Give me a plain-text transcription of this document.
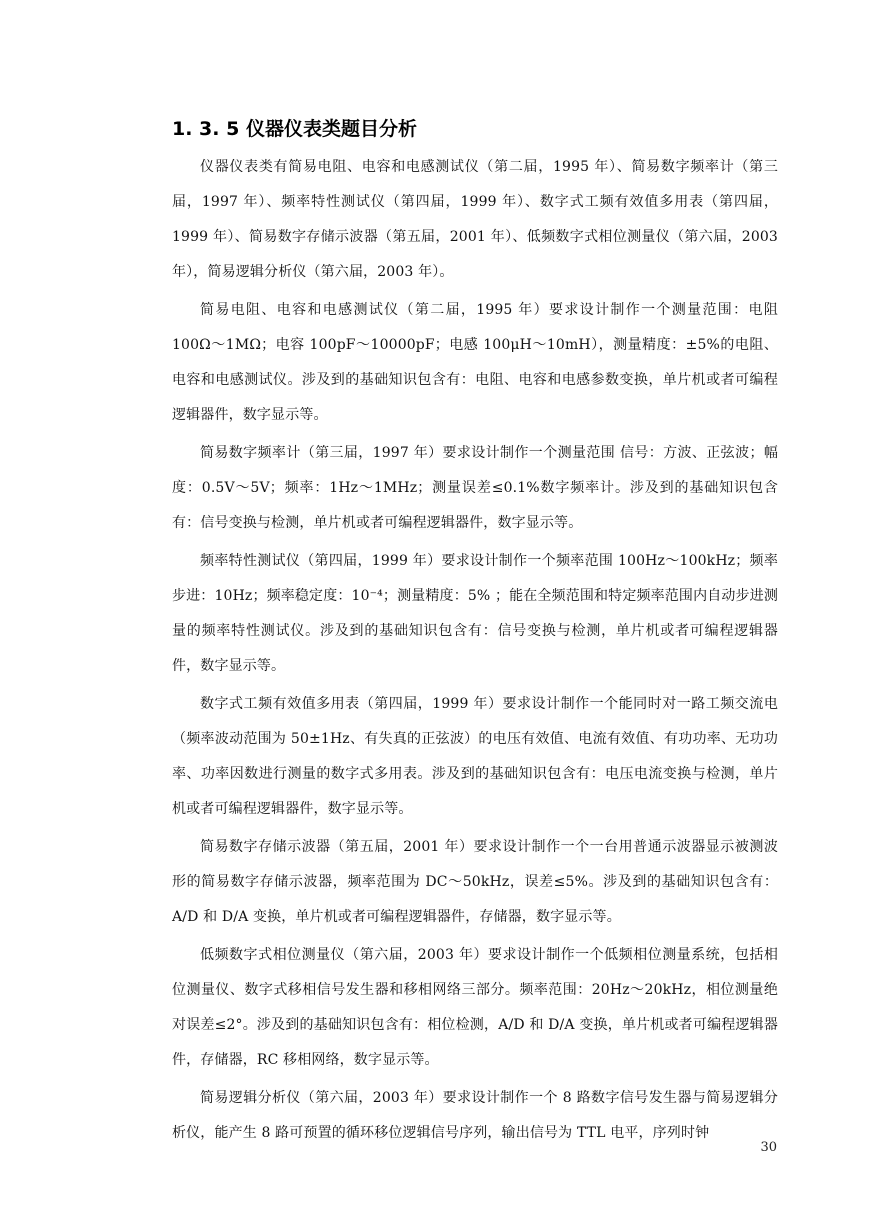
1. 3. 5 仪器仪表类题目分析

仪器仪表类有简易电阻、电容和电感测试仪（第二届，1995 年）、简易数字频率计（第三届，1997 年）、频率特性测试仪（第四届，1999 年）、数字式工频有效值多用表（第四届，1999 年）、简易数字存储示波器（第五届，2001 年）、低频数字式相位测量仪（第六届，2003 年），简易逻辑分析仪（第六届，2003 年）。

简易电阻、电容和电感测试仪（第二届，1995 年）要求设计制作一个测量范围：电阻 100Ω～1MΩ；电容 100pF～10000pF；电感 100μH～10mH），测量精度：±5%的电阻、电容和电感测试仪。涉及到的基础知识包含有：电阻、电容和电感参数变换，单片机或者可编程逻辑器件，数字显示等。

简易数字频率计（第三届，1997 年）要求设计制作一个测量范围 信号：方波、正弦波；幅度：0.5V～5V；频率：1Hz～1MHz；测量误差≤0.1%数字频率计。涉及到的基础知识包含有：信号变换与检测，单片机或者可编程逻辑器件，数字显示等。

频率特性测试仪（第四届，1999 年）要求设计制作一个频率范围 100Hz～100kHz；频率步进：10Hz；频率稳定度：10⁻⁴；测量精度：5% ；能在全频范围和特定频率范围内自动步进测量的频率特性测试仪。涉及到的基础知识包含有：信号变换与检测，单片机或者可编程逻辑器件，数字显示等。

数字式工频有效值多用表（第四届，1999 年）要求设计制作一个能同时对一路工频交流电（频率波动范围为 50±1Hz、有失真的正弦波）的电压有效值、电流有效值、有功功率、无功功率、功率因数进行测量的数字式多用表。涉及到的基础知识包含有：电压电流变换与检测，单片机或者可编程逻辑器件，数字显示等。

简易数字存储示波器（第五届，2001 年）要求设计制作一个一台用普通示波器显示被测波形的简易数字存储示波器，频率范围为 DC～50kHz，误差≤5%。涉及到的基础知识包含有：A/D 和 D/A 变换，单片机或者可编程逻辑器件，存储器，数字显示等。

低频数字式相位测量仪（第六届，2003 年）要求设计制作一个低频相位测量系统，包括相位测量仪、数字式移相信号发生器和移相网络三部分。频率范围：20Hz～20kHz，相位测量绝对误差≤2°。涉及到的基础知识包含有：相位检测，A/D 和 D/A 变换，单片机或者可编程逻辑器件，存储器，RC 移相网络，数字显示等。

简易逻辑分析仪（第六届，2003 年）要求设计制作一个 8 路数字信号发生器与简易逻辑分析仪，能产生 8 路可预置的循环移位逻辑信号序列，输出信号为 TTL 电平，序列时钟

30
